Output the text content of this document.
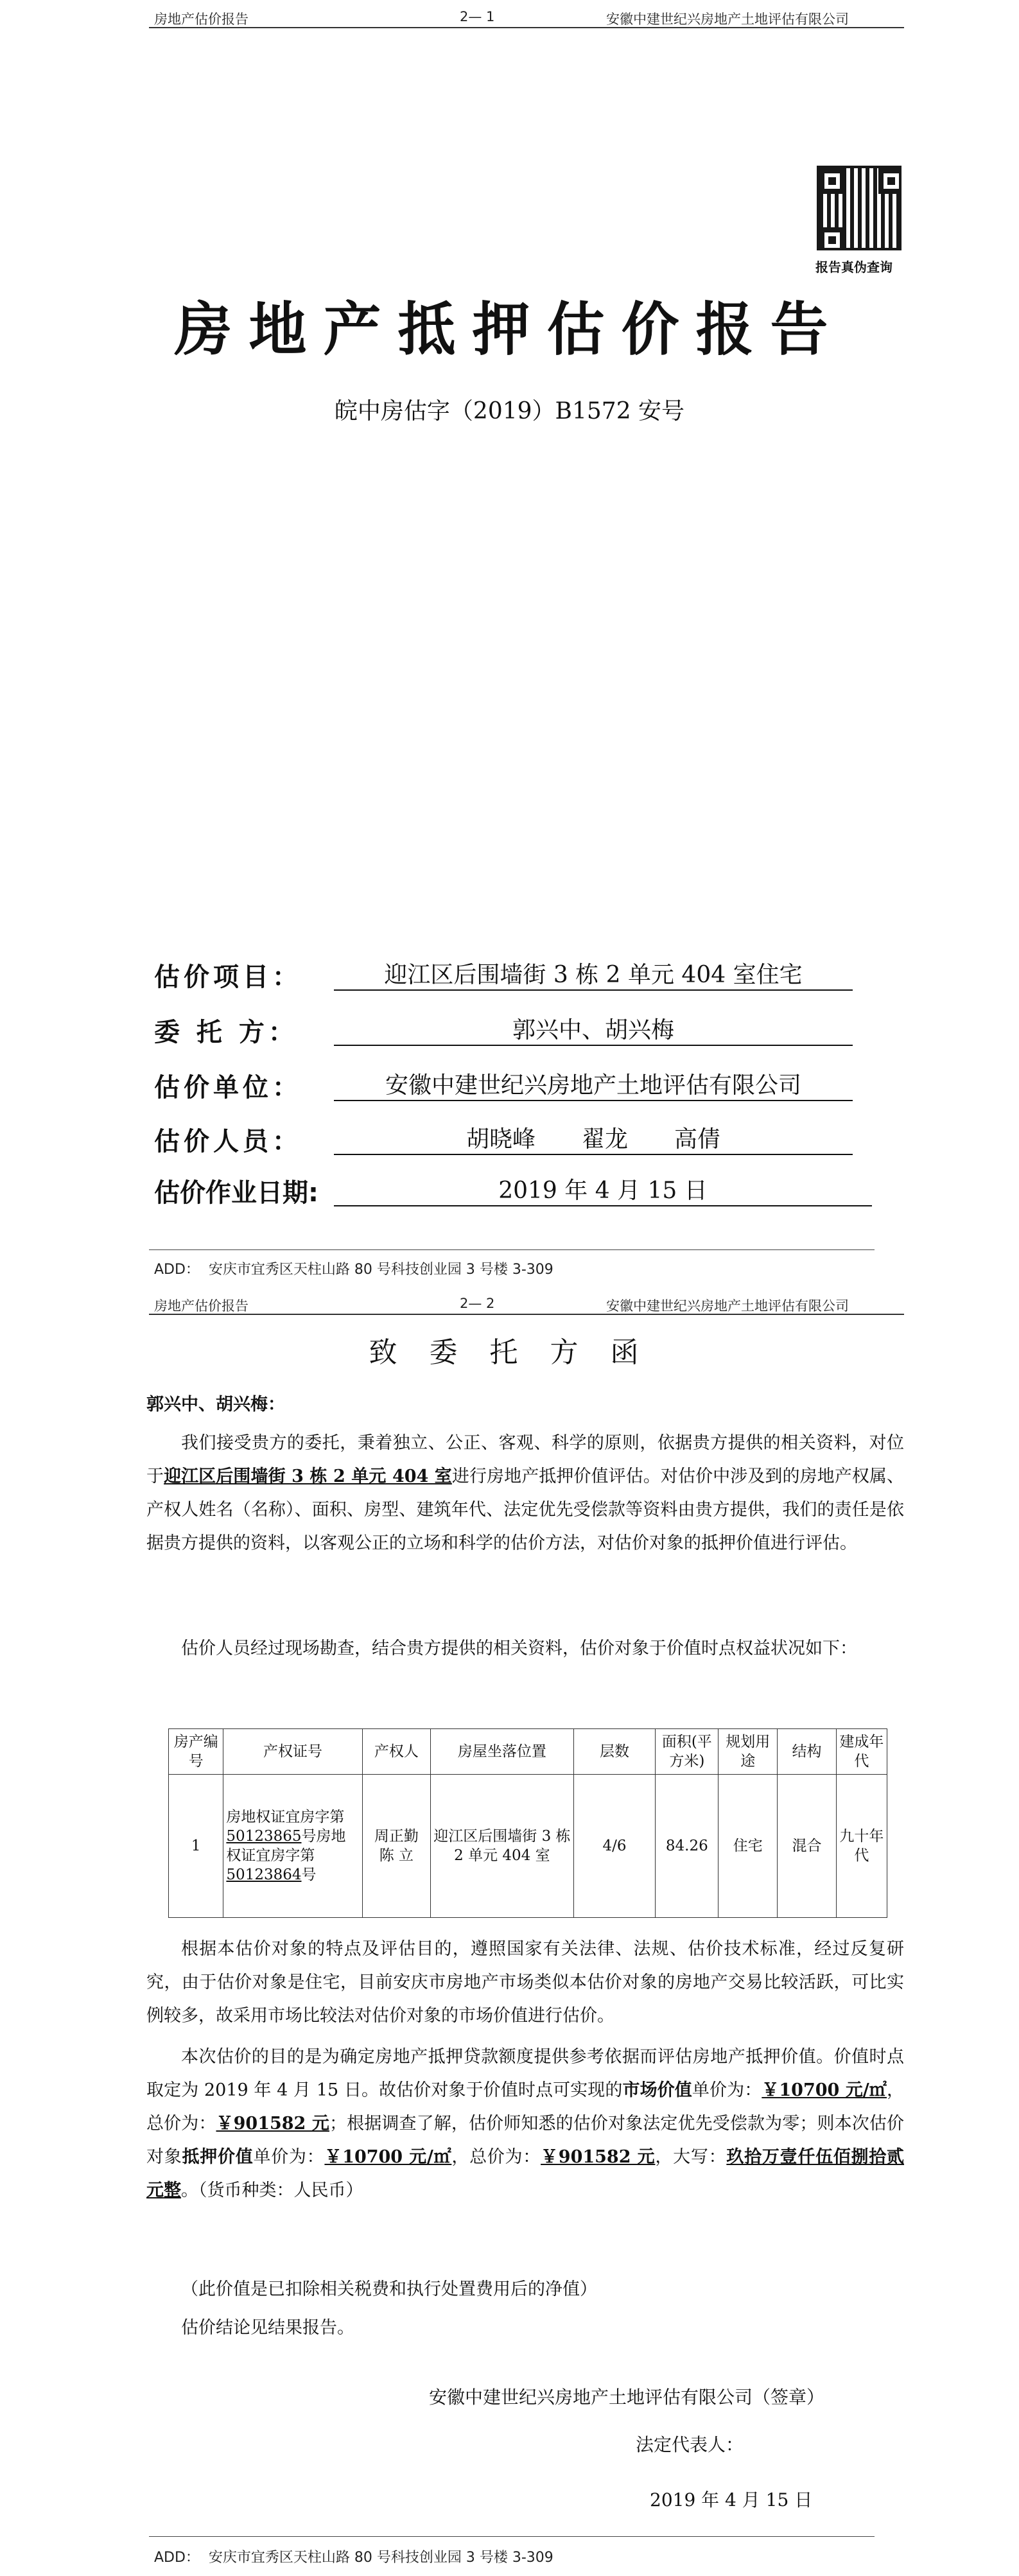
房地产估价报告	2— 1	安徽中建世纪兴房地产土地评估有限公司
报告真伪查询
房地产抵押估价报告
皖中房估字（2019）B1572 安号
估价项目：	迎江区后围墙街 3 栋 2 单元 404 室住宅
委 托 方：	郭兴中、胡兴梅
估价单位：	安徽中建世纪兴房地产土地评估有限公司
估价人员：	胡晓峰　　翟龙　　高倩
估价作业日期:	2019 年 4 月 15 日
ADD：  安庆市宜秀区天柱山路 80 号科技创业园 3 号楼 3-309
房地产估价报告	2— 2	安徽中建世纪兴房地产土地评估有限公司
致 委 托 方 函
郭兴中、胡兴梅：
我们接受贵方的委托，秉着独立、公正、客观、科学的原则，依据贵方提供的相关资料，对位于迎江区后围墙街 3 栋 2 单元 404 室进行房地产抵押价值评估。对估价中涉及到的房地产权属、产权人姓名（名称）、面积、房型、建筑年代、法定优先受偿款等资料由贵方提供，我们的责任是依据贵方提供的资料，以客观公正的立场和科学的估价方法，对估价对象的抵押价值进行评估。
估价人员经过现场勘查，结合贵方提供的相关资料，估价对象于价值时点权益状况如下：
房产编号	产权证号	产权人	房屋坐落位置	层数	面积(平方米)	规划用途	结构	建成年代
1	房地权证宜房字第50123865号房地权证宜房字第50123864号	周正勤 陈 立	迎江区后围墙街 3 栋 2 单元 404 室	4/6	84.26	住宅	混合	九十年代
根据本估价对象的特点及评估目的，遵照国家有关法律、法规、估价技术标准，经过反复研究，由于估价对象是住宅，目前安庆市房地产市场类似本估价对象的房地产交易比较活跃，可比实例较多，故采用市场比较法对估价对象的市场价值进行估价。
本次估价的目的是为确定房地产抵押贷款额度提供参考依据而评估房地产抵押价值。价值时点取定为 2019 年 4 月 15 日。故估价对象于价值时点可实现的市场价值单价为：￥10700 元/㎡，总价为：￥901582 元；根据调查了解，估价师知悉的估价对象法定优先受偿款为零；则本次估价对象抵押价值单价为：￥10700 元/㎡，总价为：￥901582 元，大写：玖拾万壹仟伍佰捌拾贰元整。（货币种类：人民币）
（此价值是已扣除相关税费和执行处置费用后的净值）
估价结论见结果报告。
安徽中建世纪兴房地产土地评估有限公司（签章）
法定代表人：
2019 年 4 月 15 日
ADD：  安庆市宜秀区天柱山路 80 号科技创业园 3 号楼 3-309
